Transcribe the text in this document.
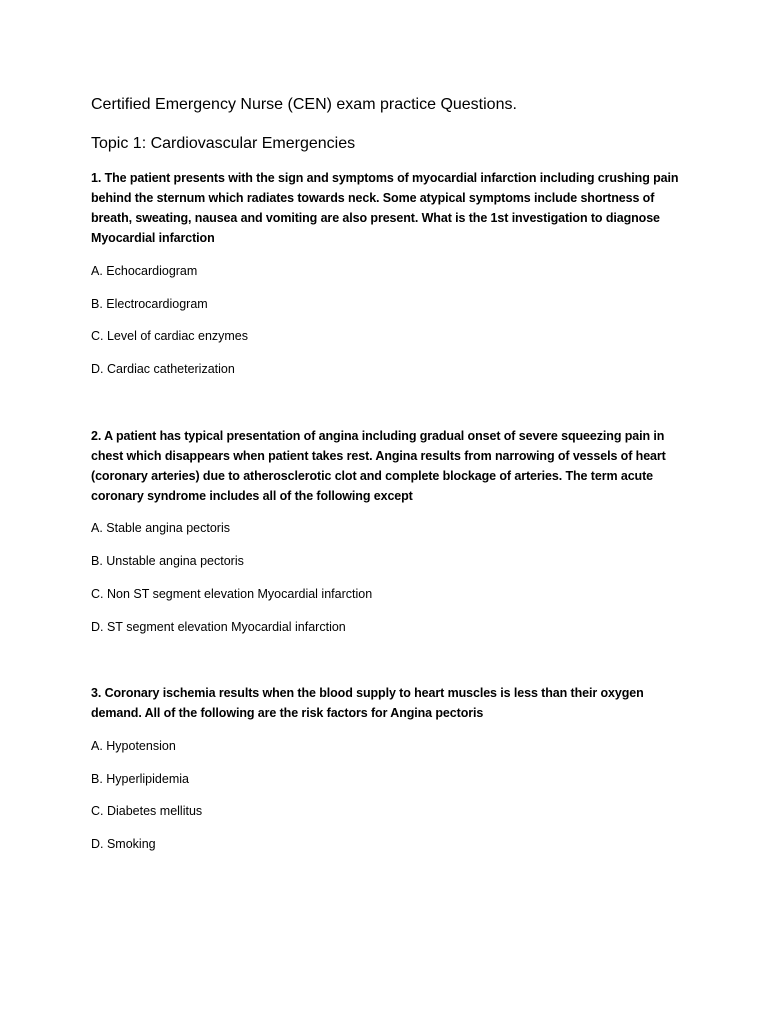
Certified Emergency Nurse (CEN) exam practice Questions.
Topic 1: Cardiovascular Emergencies
1. The patient presents with the sign and symptoms of myocardial infarction including crushing pain behind the sternum which radiates towards neck. Some atypical symptoms include shortness of breath, sweating, nausea and vomiting are also present. What is the 1st investigation to diagnose Myocardial infarction
A. Echocardiogram
B. Electrocardiogram
C. Level of cardiac enzymes
D. Cardiac catheterization
2. A patient has typical presentation of angina including gradual onset of severe squeezing pain in chest which disappears when patient takes rest. Angina results from narrowing of vessels of heart (coronary arteries) due to atherosclerotic clot and complete blockage of arteries. The term acute coronary syndrome includes all of the following except
A. Stable angina pectoris
B. Unstable angina pectoris
C. Non ST segment elevation Myocardial infarction
D. ST segment elevation Myocardial infarction
3. Coronary ischemia results when the blood supply to heart muscles is less than their oxygen demand. All of the following are the risk factors for Angina pectoris
A. Hypotension
B. Hyperlipidemia
C. Diabetes mellitus
D. Smoking
